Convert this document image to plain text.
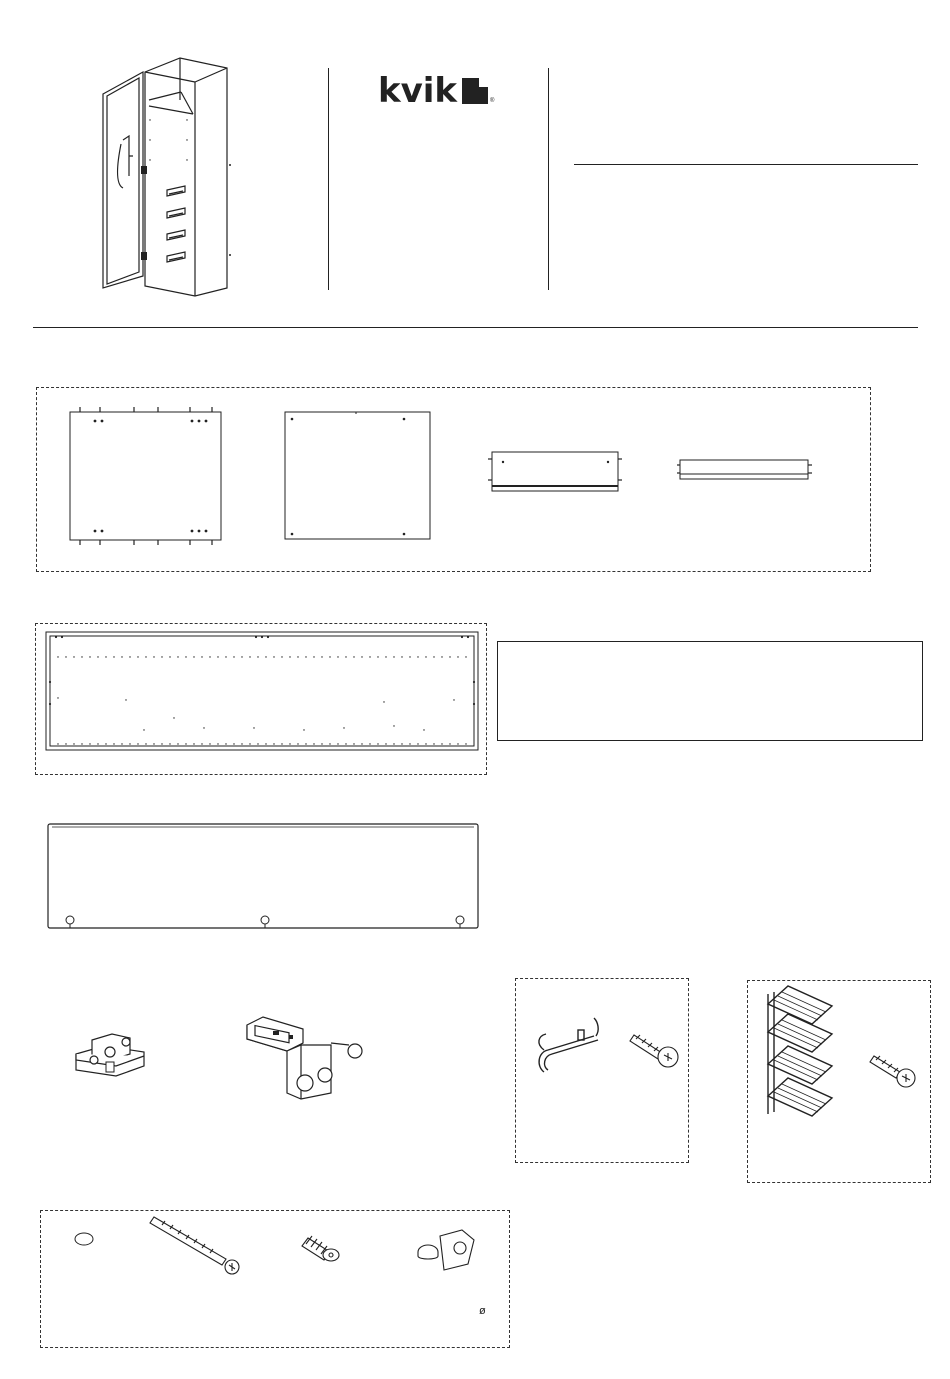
kvik	®
ø
